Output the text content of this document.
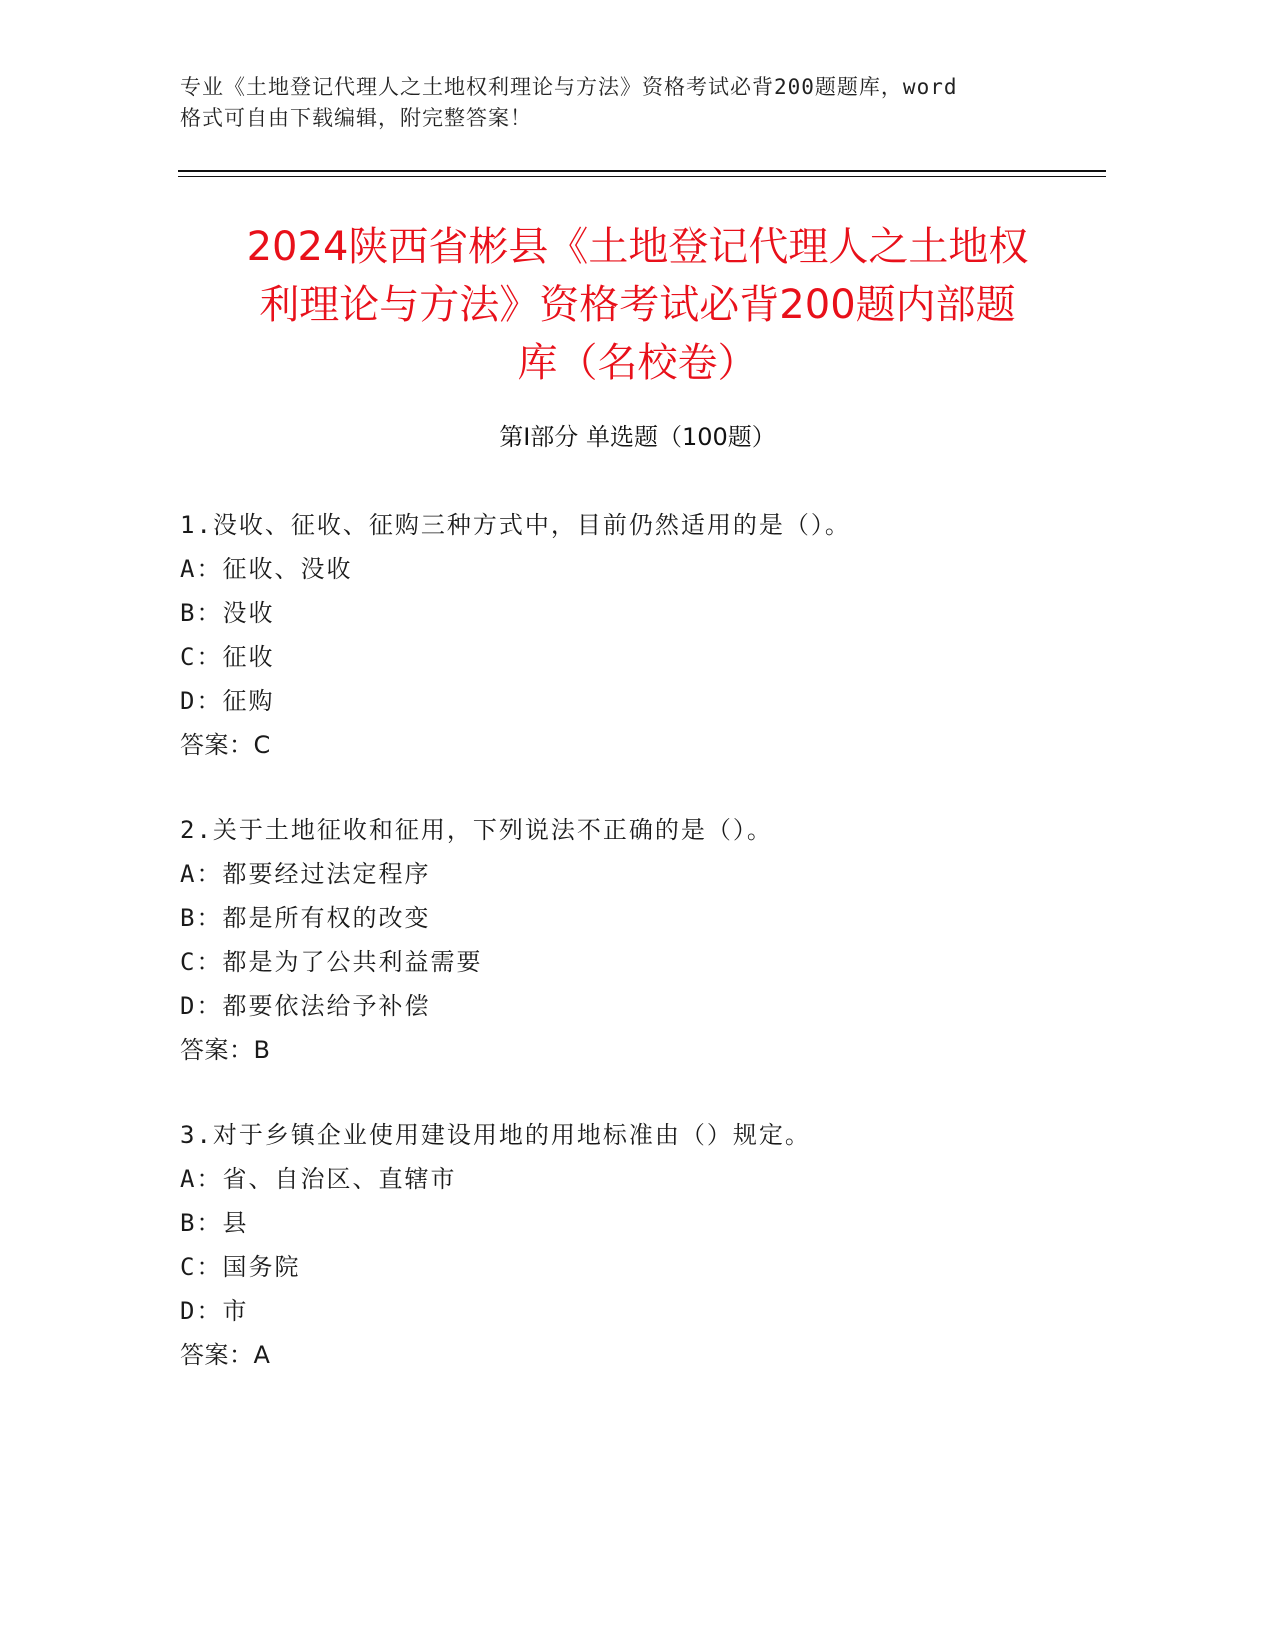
专业《土地登记代理人之土地权利理论与方法》资格考试必背200题题库，word
格式可自由下载编辑，附完整答案！
2024陕西省彬县《土地登记代理人之土地权
利理论与方法》资格考试必背200题内部题
库（名校卷）
第Ⅰ部分 单选题（100题）
1.没收、征收、征购三种方式中，目前仍然适用的是（）。
A：征收、没收
B：没收
C：征收
D：征购
答案：C
2.关于土地征收和征用，下列说法不正确的是（）。
A：都要经过法定程序
B：都是所有权的改变
C：都是为了公共利益需要
D：都要依法给予补偿
答案：B
3.对于乡镇企业使用建设用地的用地标准由（）规定。
A：省、自治区、直辖市
B：县
C：国务院
D：市
答案：A
